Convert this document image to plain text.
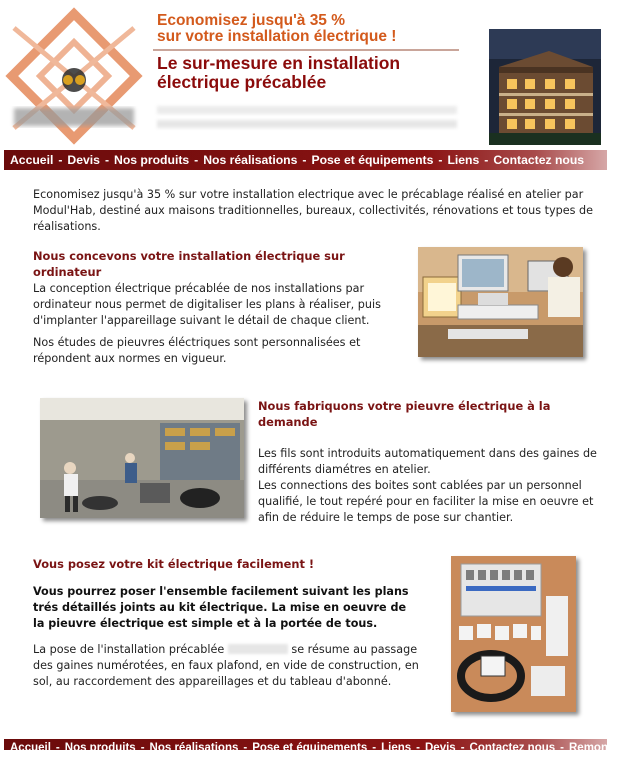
Economisez jusqu'à 35 %
sur votre installation électrique !
Le sur-mesure en installation
électrique précablée
Accueil - Devis - Nos produits - Nos réalisations - Pose et équipements - Liens - Contactez nous
Economisez jusqu'à 35 % sur votre installation electrique avec le précablage réalisé en atelier par Modul'Hab, destiné aux maisons traditionnelles, bureaux, collectivités, rénovations et tous types de réalisations.
Nous concevons votre installation électrique sur ordinateur
La conception électrique précablée de nos installations par ordinateur nous permet de digitaliser les plans à réaliser, puis d'implanter l'appareillage suivant le détail de chaque client.
Nos études de pieuvres éléctriques sont personnalisées et répondent aux normes en vigueur.
Nous fabriquons votre pieuvre électrique à la demande
Les fils sont introduits automatiquement dans des gaines de différents diamétres en atelier.
Les connections des boites sont cablées par un personnel qualifié, le tout repéré pour en faciliter la mise en oeuvre et afin de réduire le temps de pose sur chantier.
Vous posez votre kit électrique facilement !
Vous pourrez poser l'ensemble facilement suivant les plans trés détaillés joints au kit électrique. La mise en oeuvre de la pieuvre électrique est simple et à la portée de tous.
La pose de l'installation précablée	se résume au passage des gaines numérotées, en faux plafond, en vide de construction, en sol, au raccordement des appareillages et du tableau d'abonné.
Accueil - Nos produits - Nos réalisations - Pose et équipements - Liens - Devis - Contactez nous - Remontez
